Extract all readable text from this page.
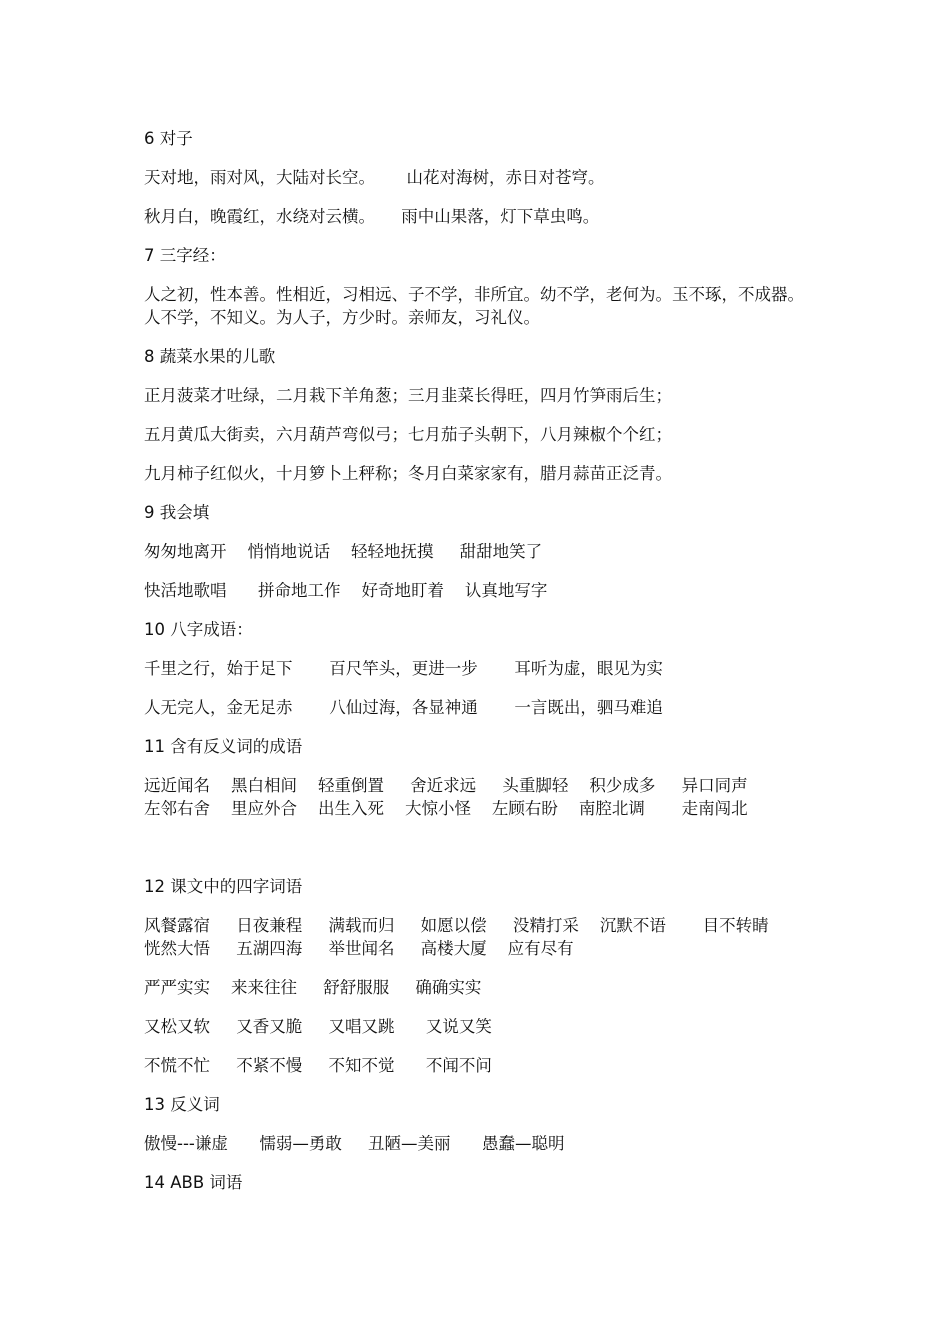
6 对子

天对地，雨对风，大陆对长空。      山花对海树，赤日对苍穹。

秋月白，晚霞红，水绕对云横。     雨中山果落，灯下草虫鸣。

7 三字经：

人之初，性本善。性相近，习相远、子不学，非所宜。幼不学，老何为。玉不琢，不成器。人不学，不知义。为人子，方少时。亲师友，习礼仪。

8 蔬菜水果的儿歌

正月菠菜才吐绿，二月栽下羊角葱；三月韭菜长得旺，四月竹笋雨后生；

五月黄瓜大街卖，六月葫芦弯似弓；七月茄子头朝下，八月辣椒个个红；

九月柿子红似火，十月箩卜上秤称；冬月白菜家家有，腊月蒜苗正泛青。

9 我会填

匆匆地离开    悄悄地说话    轻轻地抚摸     甜甜地笑了

快活地歌唱      拼命地工作    好奇地盯着    认真地写字

10 八字成语：

千里之行，始于足下       百尺竿头，更进一步       耳听为虚，眼见为实

人无完人，金无足赤       八仙过海，各显神通       一言既出，驷马难追

11 含有反义词的成语

远近闻名    黑白相间    轻重倒置     舍近求远     头重脚轻    积少成多     异口同声
左邻右舍    里应外合    出生入死    大惊小怪    左顾右盼    南腔北调       走南闯北

12 课文中的四字词语

风餐露宿     日夜兼程     满载而归     如愿以偿     没精打采    沉默不语       目不转睛
恍然大悟     五湖四海     举世闻名     高楼大厦    应有尽有

严严实实    来来往往     舒舒服服     确确实实

又松又软     又香又脆     又唱又跳      又说又笑

不慌不忙     不紧不慢     不知不觉      不闻不问

13 反义词

傲慢---谦虚      懦弱—勇敢     丑陋—美丽      愚蠢—聪明

14 ABB 词语
